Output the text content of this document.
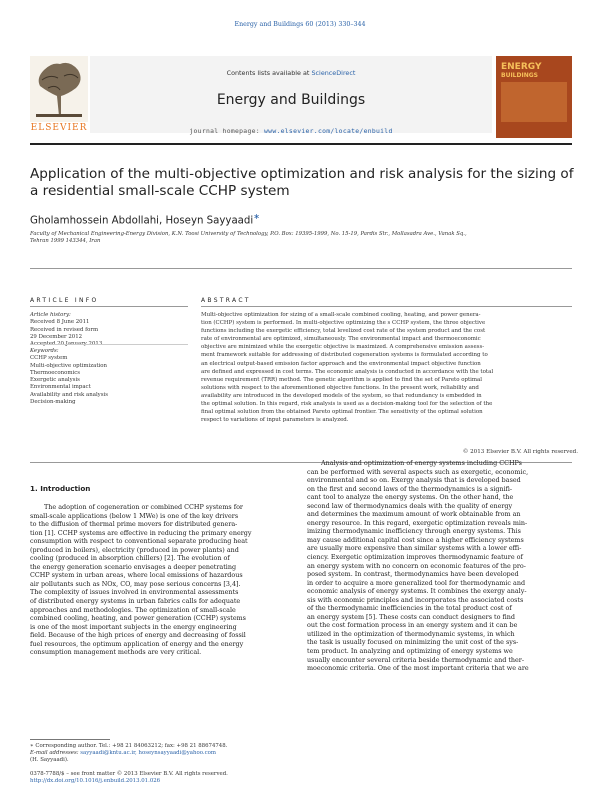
Energy and Buildings 60 (2013) 330–344
ELSEVIER
Contents lists available at ScienceDirect
Energy and Buildings
journal homepage: www.elsevier.com/locate/enbuild
ENERGY
BUILDINGS
Application of the multi-objective optimization and risk analysis for the sizing of
a residential small-scale CCHP system
Gholamhossein Abdollahi, Hoseyn Sayyaadi∗
Faculty of Mechanical Engineering-Energy Division, K.N. Toosi University of Technology, P.O. Box: 19395-1999, No. 15-19, Pardis Str., Mollasadra Ave., Vanak Sq.,
Tehran 1999 143344, Iran
ARTICLE INFO
Article history:
Received 8 June 2011
Received in revised form
29 December 2012
Keywords:
CCHP system
Multi-objective optimization
Thermoeconomics
Exergetic analysis
Environmental impact
Availability and risk analysis
Decision-making
ABSTRACT
Multi-objective optimization for sizing of a small-scale combined cooling, heating, and power genera-
tion (CCHP) system is performed. In multi-objective optimizing the s CCHP system, the three objective
functions including the exergetic efficiency, total levelized cost rate of the system product and the cost
rate of environmental are optimized, simultaneously. The environmental impact and thermoeconomic
objective are minimized while the exergetic objective is maximized. A comprehensive emission assess-
ment framework suitable for addressing of distributed cogeneration systems is formulated according to
an electrical output-based emission factor approach and the environmental impact objective function
are defined and expressed in cost terms. The economic analysis is conducted in accordance with the total
revenue requirement (TRR) method. The genetic algorithm is applied to find the set of Pareto optimal
solutions with respect to the aforementioned objective functions. In the present work, reliability and
availability are introduced in the developed models of the system, so that redundancy is embedded in
the optimal solution. In this regard, risk analysis is used as a decision-making tool for the selection of the
final optimal solution from the obtained Pareto optimal frontier. The sensitivity of the optimal solution
respect to variations of input parameters is analyzed.
© 2013 Elsevier B.V. All rights reserved.
1. Introduction
The adoption of cogeneration or combined CCHP systems for
small-scale applications (below 1 MWe) is one of the key drivers
to the diffusion of thermal prime movers for distributed genera-
tion [1]. CCHP systems are effective in reducing the primary energy
consumption with respect to conventional separate producing heat
(produced in boilers), electricity (produced in power plants) and
cooling (produced in absorption chillers) [2]. The evolution of
the energy generation scenario envisages a deeper penetrating
CCHP system in urban areas, where local emissions of hazardous
air pollutants such as NOx, CO, may pose serious concerns [3,4].
The complexity of issues involved in environmental assessments
of distributed energy systems in urban fabrics calls for adequate
approaches and methodologies. The optimization of small-scale
combined cooling, heating, and power generation (CCHP) systems
is one of the most important subjects in the energy engineering
field. Because of the high prices of energy and decreasing of fossil
fuel resources, the optimum application of energy and the energy
consumption management methods are very critical.
Analysis and optimization of energy systems including CCHPs
can be performed with several aspects such as exergetic, economic,
environmental and so on. Exergy analysis that is developed based
on the first and second laws of the thermodynamics is a signifi-
cant tool to analyze the energy systems. On the other hand, the
second law of thermodynamics deals with the quality of energy
and determines the maximum amount of work obtainable from an
energy resource. In this regard, exergetic optimization reveals min-
imizing thermodynamic inefficiency through energy systems. This
may cause additional capital cost since a higher efficiency systems
are usually more expensive than similar systems with a lower effi-
ciency. Exergetic optimization improves thermodynamic feature of
an energy system with no concern on economic features of the pro-
posed system. In contrast, thermodynamics have been developed
in order to acquire a more generalized tool for thermodynamic and
economic analysis of energy systems. It combines the exergy analy-
sis with economic principles and incorporates the associated costs
of the thermodynamic inefficiencies in the total product cost of
an energy system [5]. These costs can conduct designers to find
out the cost formation process in an energy system and it can be
utilized in the optimization of thermodynamic systems, in which
the task is usually focused on minimizing the unit cost of the sys-
tem product. In analyzing and optimizing of energy systems we
usually encounter several criteria beside thermodynamic and ther-
moeconomic criteria. One of the most important criteria that we are
∗ Corresponding author. Tel.: +98 21 84063212; fax: +98 21 88674748.
E-mail addresses: sayyaadi@kntu.ac.ir, hoseynsayyaadi@yahoo.com
(H. Sayyaadi).
0378-7788/$ – see front matter © 2013 Elsevier B.V. All rights reserved.
http://dx.doi.org/10.1016/j.enbuild.2013.01.026
